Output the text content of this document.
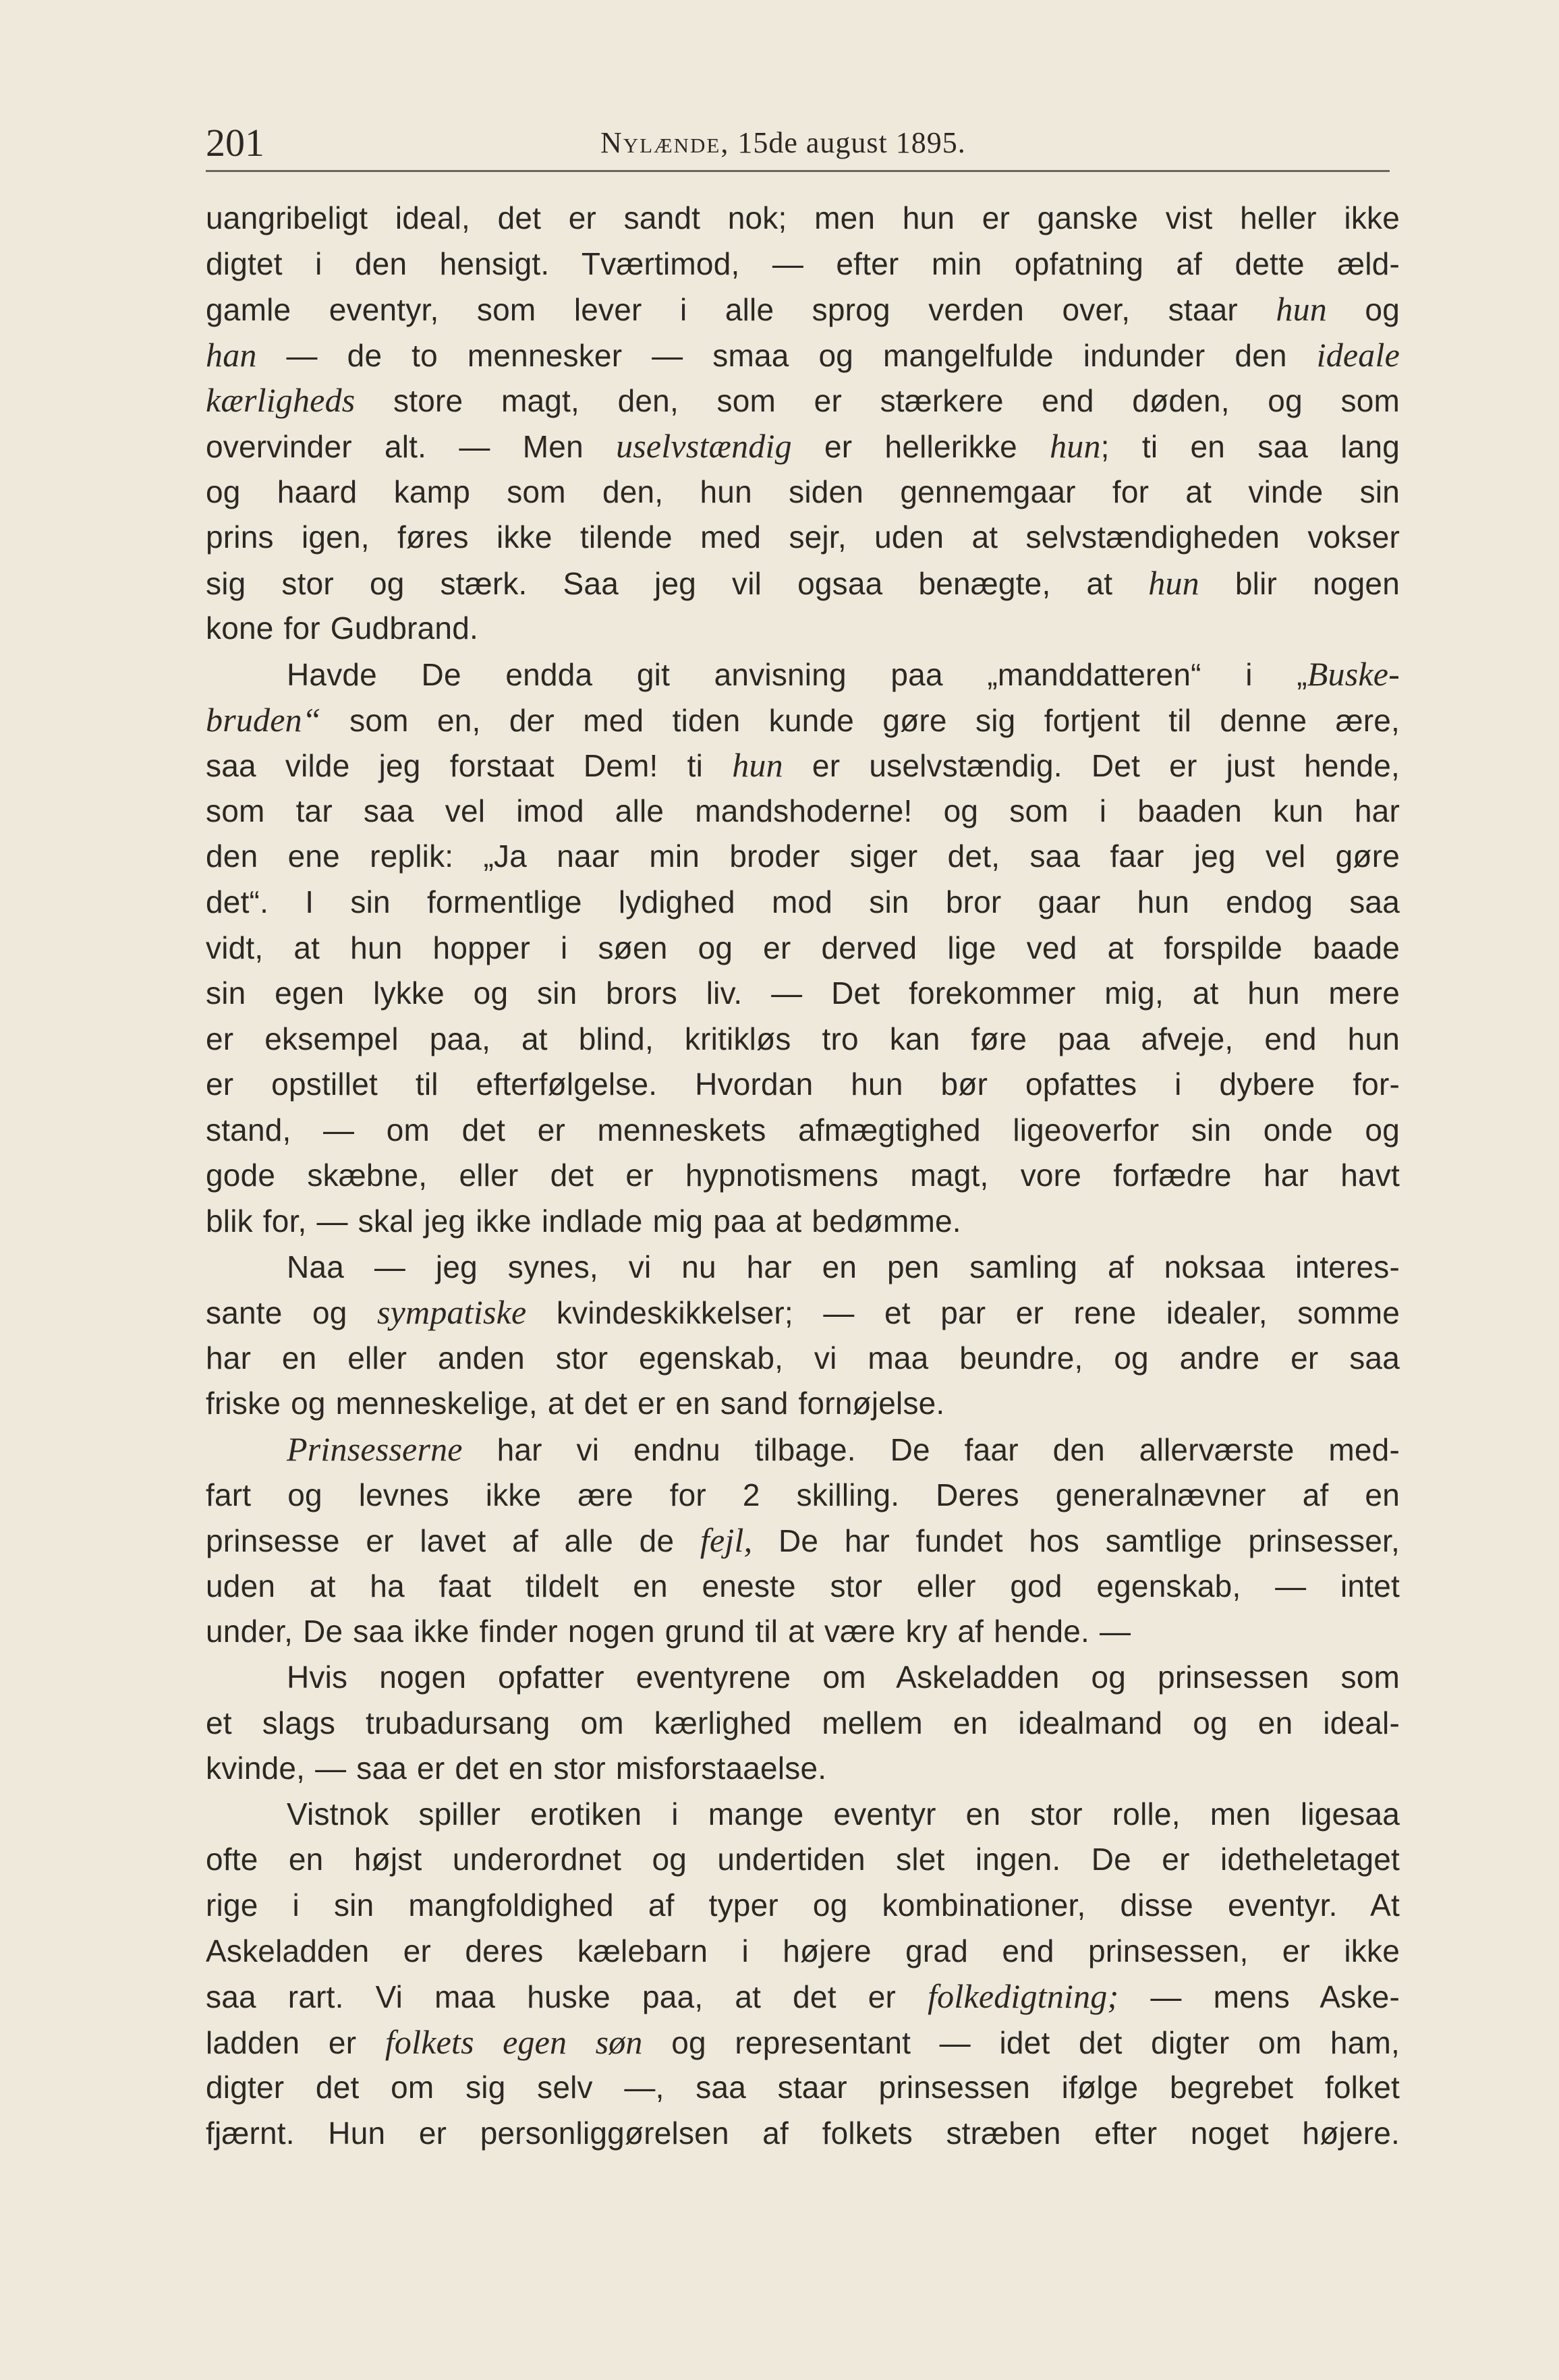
201	Nylænde, 15de august 1895.
uangribeligt ideal, det er sandt nok; men hun er ganske vist heller ikke
digtet i den hensigt. Tværtimod, — efter min opfatning af dette æld-
gamle eventyr, som lever i alle sprog verden over, staar hun og
han — de to mennesker — smaa og mangelfulde indunder den ideale
kærligheds store magt, den, som er stærkere end døden, og som
overvinder alt. — Men uselvstændig er hellerikke hun; ti en saa lang
og haard kamp som den, hun siden gennemgaar for at vinde sin
prins igen, føres ikke tilende med sejr, uden at selvstændigheden vokser
sig stor og stærk. Saa jeg vil ogsaa benægte, at hun blir nogen
kone for Gudbrand.
Havde De endda git anvisning paa „manddatteren“ i „Buske-
bruden“ som en, der med tiden kunde gøre sig fortjent til denne ære,
saa vilde jeg forstaat Dem! ti hun er uselvstændig. Det er just hende,
som tar saa vel imod alle mandshoderne! og som i baaden kun har
den ene replik: „Ja naar min broder siger det, saa faar jeg vel gøre
det“. I sin formentlige lydighed mod sin bror gaar hun endog saa
vidt, at hun hopper i søen og er derved lige ved at forspilde baade
sin egen lykke og sin brors liv. — Det forekommer mig, at hun mere
er eksempel paa, at blind, kritikløs tro kan føre paa afveje, end hun
er opstillet til efterfølgelse. Hvordan hun bør opfattes i dybere for-
stand, — om det er menneskets afmægtighed ligeoverfor sin onde og
gode skæbne, eller det er hypnotismens magt, vore forfædre har havt
blik for, — skal jeg ikke indlade mig paa at bedømme.
Naa — jeg synes, vi nu har en pen samling af noksaa interes-
sante og sympatiske kvindeskikkelser; — et par er rene idealer, somme
har en eller anden stor egenskab, vi maa beundre, og andre er saa
friske og menneskelige, at det er en sand fornøjelse.
Prinsesserne har vi endnu tilbage. De faar den allerværste med-
fart og levnes ikke ære for 2 skilling. Deres generalnævner af en
prinsesse er lavet af alle de fejl, De har fundet hos samtlige prinsesser,
uden at ha faat tildelt en eneste stor eller god egenskab, — intet
under, De saa ikke finder nogen grund til at være kry af hende. —
Hvis nogen opfatter eventyrene om Askeladden og prinsessen som
et slags trubadursang om kærlighed mellem en idealmand og en ideal-
kvinde, — saa er det en stor misforstaaelse.
Vistnok spiller erotiken i mange eventyr en stor rolle, men ligesaa
ofte en højst underordnet og undertiden slet ingen. De er idetheletaget
rige i sin mangfoldighed af typer og kombinationer, disse eventyr. At
Askeladden er deres kælebarn i højere grad end prinsessen, er ikke
saa rart. Vi maa huske paa, at det er folkedigtning; — mens Aske-
ladden er folkets egen søn og representant — idet det digter om ham,
digter det om sig selv —, saa staar prinsessen ifølge begrebet folket
fjærnt. Hun er personliggørelsen af folkets stræben efter noget højere.
